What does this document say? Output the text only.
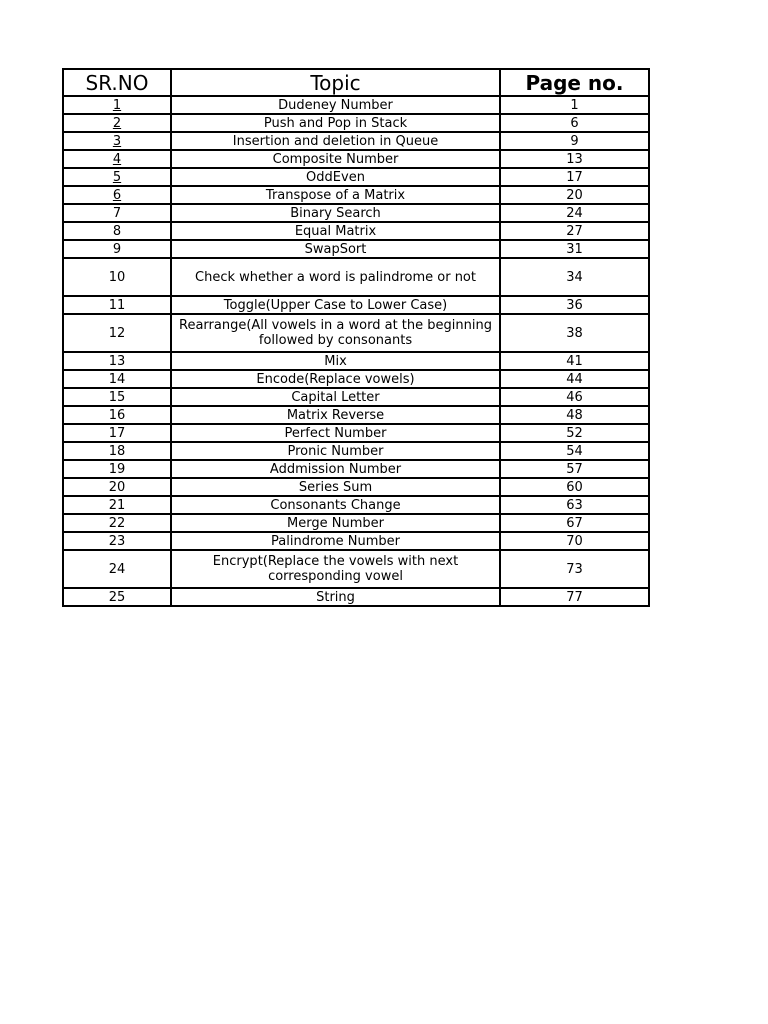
SR.NO	Topic	Page no.
1	Dudeney Number	1
2	Push and Pop in Stack	6
3	Insertion and deletion in Queue	9
4	Composite Number	13
5	OddEven	17
6	Transpose of a Matrix	20
7	Binary Search	24
8	Equal Matrix	27
9	SwapSort	31
10	Check whether a word is palindrome or not	34
11	Toggle(Upper Case to Lower Case)	36
12	Rearrange(All vowels in a word at the beginning followed by consonants	38
13	Mix	41
14	Encode(Replace vowels)	44
15	Capital Letter	46
16	Matrix Reverse	48
17	Perfect Number	52
18	Pronic Number	54
19	Addmission Number	57
20	Series Sum	60
21	Consonants Change	63
22	Merge Number	67
23	Palindrome Number	70
24	Encrypt(Replace the vowels with next corresponding vowel	73
25	String	77
